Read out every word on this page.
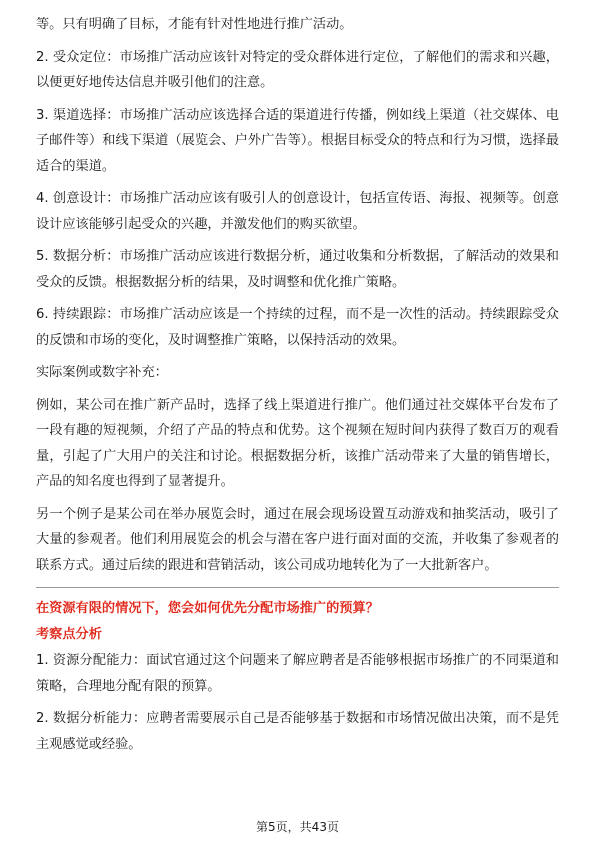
等。只有明确了目标，才能有针对性地进行推广活动。

2. 受众定位：市场推广活动应该针对特定的受众群体进行定位，了解他们的需求和兴趣，以便更好地传达信息并吸引他们的注意。

3. 渠道选择：市场推广活动应该选择合适的渠道进行传播，例如线上渠道（社交媒体、电子邮件等）和线下渠道（展览会、户外广告等）。根据目标受众的特点和行为习惯，选择最适合的渠道。

4. 创意设计：市场推广活动应该有吸引人的创意设计，包括宣传语、海报、视频等。创意设计应该能够引起受众的兴趣，并激发他们的购买欲望。

5. 数据分析：市场推广活动应该进行数据分析，通过收集和分析数据，了解活动的效果和受众的反馈。根据数据分析的结果，及时调整和优化推广策略。

6. 持续跟踪：市场推广活动应该是一个持续的过程，而不是一次性的活动。持续跟踪受众的反馈和市场的变化，及时调整推广策略，以保持活动的效果。

实际案例或数字补充：

例如，某公司在推广新产品时，选择了线上渠道进行推广。他们通过社交媒体平台发布了一段有趣的短视频，介绍了产品的特点和优势。这个视频在短时间内获得了数百万的观看量，引起了广大用户的关注和讨论。根据数据分析，该推广活动带来了大量的销售增长，产品的知名度也得到了显著提升。

另一个例子是某公司在举办展览会时，通过在展会现场设置互动游戏和抽奖活动，吸引了大量的参观者。他们利用展览会的机会与潜在客户进行面对面的交流，并收集了参观者的联系方式。通过后续的跟进和营销活动，该公司成功地转化为了一大批新客户。

在资源有限的情况下，您会如何优先分配市场推广的预算？
考察点分析

1. 资源分配能力：面试官通过这个问题来了解应聘者是否能够根据市场推广的不同渠道和策略，合理地分配有限的预算。

2. 数据分析能力：应聘者需要展示自己是否能够基于数据和市场情况做出决策，而不是凭主观感觉或经验。

第5页，共43页
